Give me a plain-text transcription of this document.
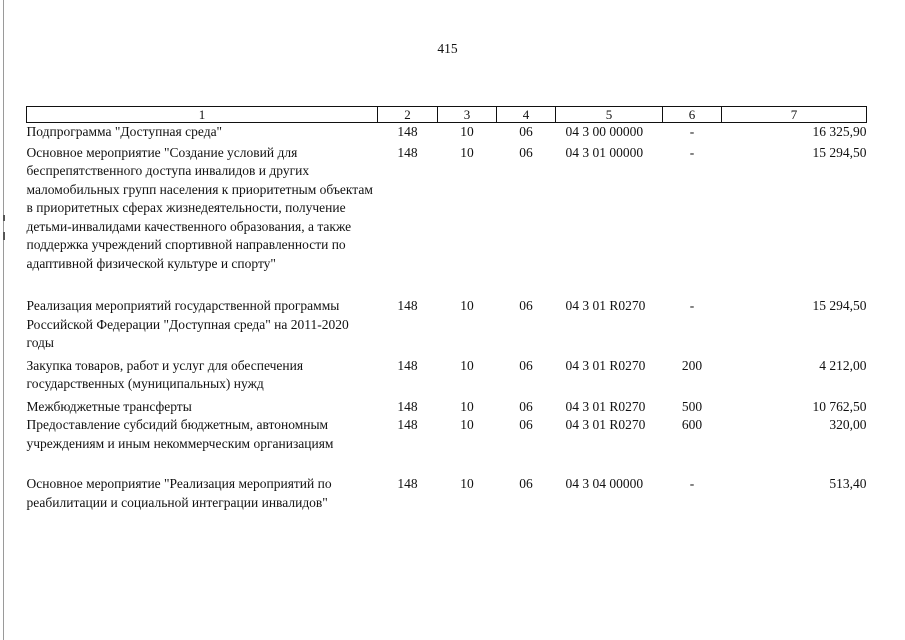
415
1	2	3	4	5	6	7
Подпрограмма "Доступная среда"	148	10	06	04 3 00 00000	-	16 325,90
Основное мероприятие "Создание условий для беспрепятственного доступа инвалидов и других маломобильных групп населения к приоритетным объектам в приоритетных сферах жизнедеятельности, получение детьми-инвалидами качественного образования, а также поддержка учреждений спортивной направленности по адаптивной физической культуре и спорту"	148	10	06	04 3 01 00000	-	15 294,50
Реализация мероприятий государственной программы Российской Федерации "Доступная среда" на 2011-2020 годы	148	10	06	04 3 01 R0270	-	15 294,50
Закупка товаров, работ и услуг для обеспечения государственных (муниципальных) нужд	148	10	06	04 3 01 R0270	200	4 212,00
Межбюджетные трансферты	148	10	06	04 3 01 R0270	500	10 762,50
Предоставление субсидий бюджетным, автономным учреждениям и иным некоммерческим организациям	148	10	06	04 3 01 R0270	600	320,00
Основное мероприятие "Реализация мероприятий по реабилитации и социальной интеграции инвалидов"	148	10	06	04 3 04 00000	-	513,40
